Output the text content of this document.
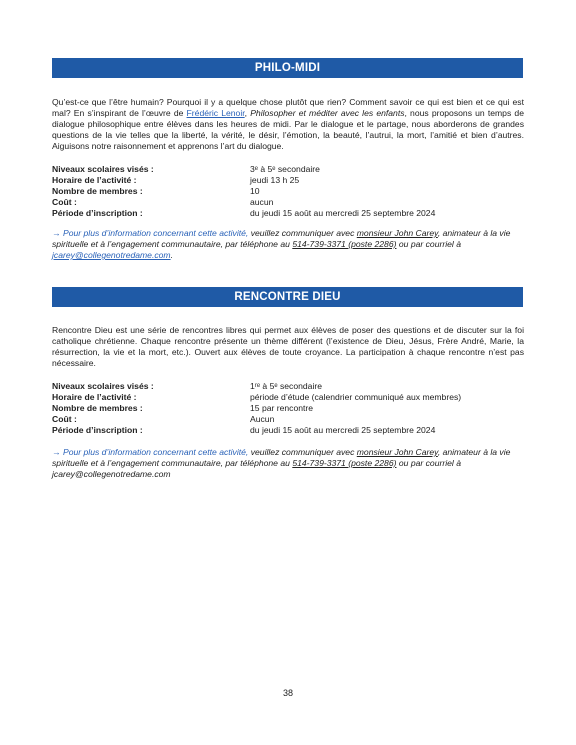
PHILO-MIDI
Qu’est-ce que l’être humain? Pourquoi il y a quelque chose plutôt que rien? Comment savoir ce qui est bien et ce qui est mal? En s’inspirant de l’œuvre de Frédéric Lenoir, Philosopher et méditer avec les enfants, nous proposons un temps de dialogue philosophique entre élèves dans les heures de midi. Par le dialogue et le partage, nous aborderons de grandes questions de la vie telles que la liberté, la vérité, le désir, l’émotion, la beauté, l’autrui, la mort, l’amitié et bien d’autres. Aiguisons notre raisonnement et apprenons l’art du dialogue.
Niveaux scolaires visés :	3ᵉ à 5ᵉ secondaire
Horaire de l’activité :	jeudi 13 h 25
Nombre de membres :	10
Coût :	aucun
Période d’inscription :	du jeudi 15 août au mercredi 25 septembre 2024
→ Pour plus d’information concernant cette activité, veuillez communiquer avec monsieur John Carey, animateur à la vie spirituelle et à l’engagement communautaire, par téléphone au 514-739-3371 (poste 2286) ou par courriel à jcarey@collegenotredame.com.
RENCONTRE DIEU
Rencontre Dieu est une série de rencontres libres qui permet aux élèves de poser des questions et de discuter sur la foi catholique chrétienne. Chaque rencontre présente un thème différent (l’existence de Dieu, Jésus, Frère André, Marie, la résurrection, la vie et la mort, etc.). Ouvert aux élèves de toute croyance. La participation à chaque rencontre n’est pas nécessaire.
Niveaux scolaires visés :	1ʳᵉ à 5ᵉ secondaire
Horaire de l’activité :	période d’étude (calendrier communiqué aux membres)
Nombre de membres :	15 par rencontre
Coût :	Aucun
Période d’inscription :	du jeudi 15 août au mercredi 25 septembre 2024
→ Pour plus d’information concernant cette activité, veuillez communiquer avec monsieur John Carey, animateur à la vie spirituelle et à l’engagement communautaire, par téléphone au 514-739-3371 (poste 2286) ou par courriel à jcarey@collegenotredame.com
38
